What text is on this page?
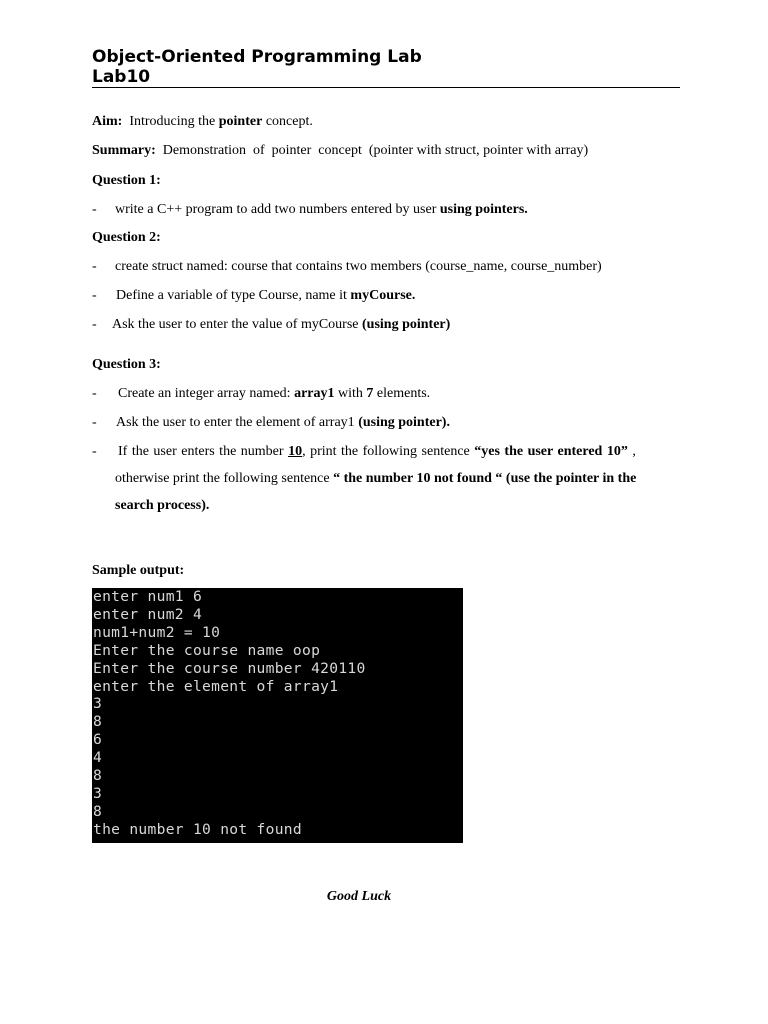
Object-Oriented Programming Lab
Lab10
Aim: Introducing the pointer concept.
Summary: Demonstration  of  pointer  concept  (pointer with struct, pointer with array)
Question 1:
- write a C++ program to add two numbers entered by user using pointers.
Question 2:
- create struct named: course that contains two members (course_name, course_number)
- Define a variable of type Course, name it myCourse.
- Ask the user to enter the value of myCourse (using pointer)
Question 3:
- Create an integer array named: array1 with 7 elements.
- Ask the user to enter the element of array1 (using pointer).
- If the user enters the number 10, print the following sentence “yes the user entered 10” ,
otherwise print the following sentence “ the number 10 not found “ (use the pointer in the
search process).
Sample output:
enter num1 6
enter num2 4
num1+num2 = 10
Enter the course name oop
Enter the course number 420110
enter the element of array1
3
8
6
4
8
3
8
the number 10 not found
Good Luck
